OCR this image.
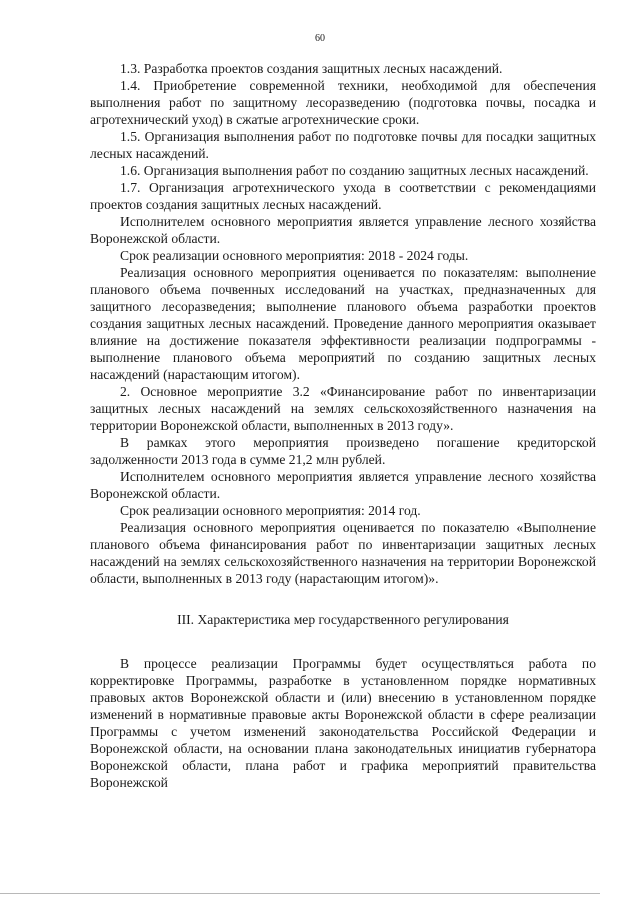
60

1.3. Разработка проектов создания защитных лесных насаждений.

1.4. Приобретение современной техники, необходимой для обеспечения выполнения работ по защитному лесоразведению (подготовка почвы, посадка и агротехнический уход) в сжатые агротехнические сроки.

1.5. Организация выполнения работ по подготовке почвы для посадки защитных лесных насаждений.

1.6. Организация выполнения работ по созданию защитных лесных насаждений.

1.7. Организация агротехнического ухода в соответствии с рекомендациями проектов создания защитных лесных насаждений.

Исполнителем основного мероприятия является управление лесного хозяйства Воронежской области.

Срок реализации основного мероприятия: 2018 - 2024 годы.

Реализация основного мероприятия оценивается по показателям: выполнение планового объема почвенных исследований на участках, предназначенных для защитного лесоразведения; выполнение планового объема разработки проектов создания защитных лесных насаждений. Проведение данного мероприятия оказывает влияние на достижение показателя эффективности реализации подпрограммы - выполнение планового объема мероприятий по созданию защитных лесных насаждений (нарастающим итогом).

2. Основное мероприятие 3.2 «Финансирование работ по инвентаризации защитных лесных насаждений на землях сельскохозяйственного назначения на территории Воронежской области, выполненных в 2013 году».

В рамках этого мероприятия произведено погашение кредиторской задолженности 2013 года в сумме 21,2 млн рублей.

Исполнителем основного мероприятия является управление лесного хозяйства Воронежской области.

Срок реализации основного мероприятия: 2014 год.

Реализация основного мероприятия оценивается по показателю «Выполнение планового объема финансирования работ по инвентаризации защитных лесных насаждений на землях сельскохозяйственного назначения на территории Воронежской области, выполненных в 2013 году (нарастающим итогом)».

III. Характеристика мер государственного регулирования

В процессе реализации Программы будет осуществляться работа по корректировке Программы, разработке в установленном порядке нормативных правовых актов Воронежской области и (или) внесению в установленном порядке изменений в нормативные правовые акты Воронежской области в сфере реализации Программы с учетом изменений законодательства Российской Федерации и Воронежской области, на основании плана законодательных инициатив губернатора Воронежской области, плана работ и графика мероприятий правительства Воронежской
